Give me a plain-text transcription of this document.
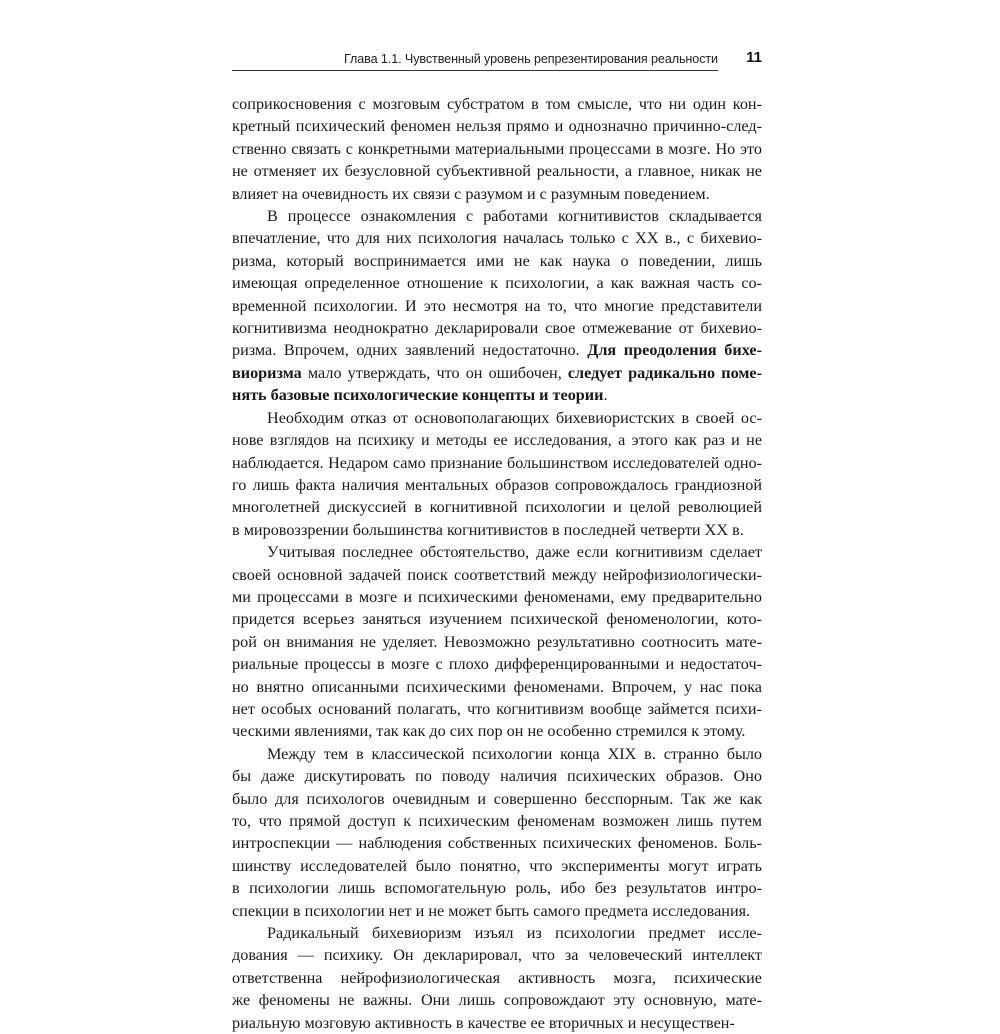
Глава 1.1. Чувственный уровень репрезентирования реальности 11

соприкосновения с мозговым субстратом в том смысле, что ни один кон-
кретный психический феномен нельзя прямо и однозначно причинно-след-
ственно связать с конкретными материальными процессами в мозге. Но это
не отменяет их безусловной субъективной реальности, а главное, никак не
влияет на очевидность их связи с разумом и с разумным поведением.

В процессе ознакомления с работами когнитивистов складывается
впечатление, что для них психология началась только с XX в., с бихевио-
ризма, который воспринимается ими не как наука о поведении, лишь
имеющая определенное отношение к психологии, а как важная часть со-
временной психологии. И это несмотря на то, что многие представители
когнитивизма неоднократно декларировали свое отмежевание от бихевио-
ризма. Впрочем, одних заявлений недостаточно. Для преодоления бихе-
виоризма мало утверждать, что он ошибочен, следует радикально поме-
нять базовые психологические концепты и теории.

Необходим отказ от основополагающих бихевиористских в своей ос-
нове взглядов на психику и методы ее исследования, а этого как раз и не
наблюдается. Недаром само признание большинством исследователей одно-
го лишь факта наличия ментальных образов сопровождалось грандиозной
многолетней дискуссией в когнитивной психологии и целой революцией
в мировоззрении большинства когнитивистов в последней четверти XX в.

Учитывая последнее обстоятельство, даже если когнитивизм сделает
своей основной задачей поиск соответствий между нейрофизиологически-
ми процессами в мозге и психическими феноменами, ему предварительно
придется всерьез заняться изучением психической феноменологии, кото-
рой он внимания не уделяет. Невозможно результативно соотносить мате-
риальные процессы в мозге с плохо дифференцированными и недостаточ-
но внятно описанными психическими феноменами. Впрочем, у нас пока
нет особых оснований полагать, что когнитивизм вообще займется психи-
ческими явлениями, так как до сих пор он не особенно стремился к этому.

Между тем в классической психологии конца XIX в. странно было
бы даже дискутировать по поводу наличия психических образов. Оно
было для психологов очевидным и совершенно бесспорным. Так же как
то, что прямой доступ к психическим феноменам возможен лишь путем
интроспекции — наблюдения собственных психических феноменов. Боль-
шинству исследователей было понятно, что эксперименты могут играть
в психологии лишь вспомогательную роль, ибо без результатов интро-
спекции в психологии нет и не может быть самого предмета исследования.

Радикальный бихевиоризм изъял из психологии предмет иссле-
дования — психику. Он декларировал, что за человеческий интеллект
ответственна нейрофизиологическая активность мозга, психические
же феномены не важны. Они лишь сопровождают эту основную, мате-
риальную мозговую активность в качестве ее вторичных и несуществен-
